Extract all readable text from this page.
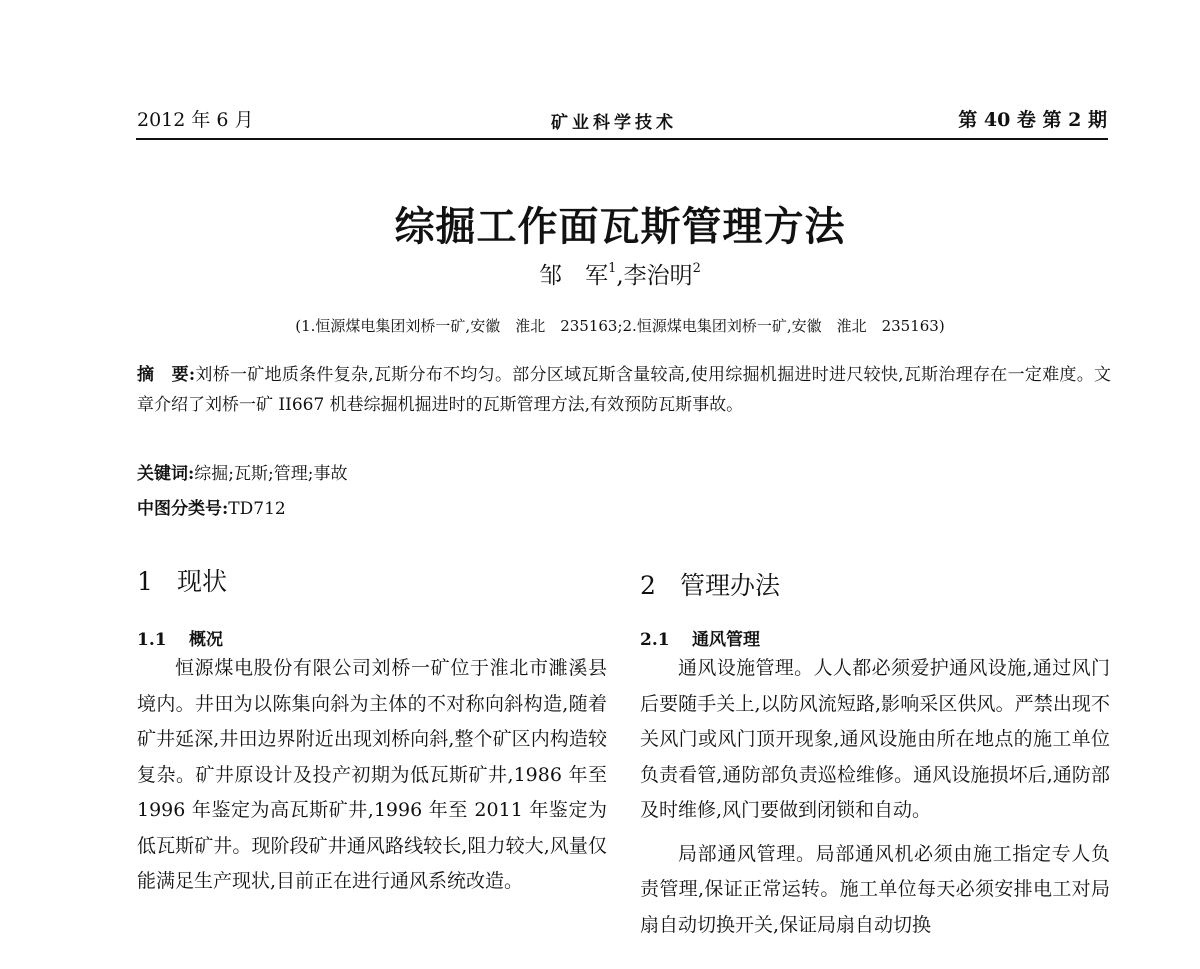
2012 年 6 月	矿业科学技术	第 40 卷 第 2 期
综掘工作面瓦斯管理方法
邹　军$^1$,李治明$^2$
(1.恒源煤电集团刘桥一矿,安徽　淮北　235163;2.恒源煤电集团刘桥一矿,安徽　淮北　235163)
摘　要:刘桥一矿地质条件复杂,瓦斯分布不均匀。部分区域瓦斯含量较高,使用综掘机掘进时进尺较快,瓦斯治理存在一定难度。文章介绍了刘桥一矿 II667 机巷综掘机掘进时的瓦斯管理方法,有效预防瓦斯事故。
关键词:综掘;瓦斯;管理;事故
中图分类号:TD712
1 现状
1.1 概况

恒源煤电股份有限公司刘桥一矿位于淮北市濉溪县境内。井田为以陈集向斜为主体的不对称向斜构造,随着矿井延深,井田边界附近出现刘桥向斜,整个矿区内构造较复杂。矿井原设计及投产初期为低瓦斯矿井,1986 年至 1996 年鉴定为高瓦斯矿井,1996 年至 2011 年鉴定为低瓦斯矿井。现阶段矿井通风路线较长,阻力较大,风量仅能满足生产现状,目前正在进行通风系统改造。

2 管理办法
2.1 通风管理

通风设施管理。人人都必须爱护通风设施,通过风门后要随手关上,以防风流短路,影响采区供风。严禁出现不关风门或风门顶开现象,通风设施由所在地点的施工单位负责看管,通防部负责巡检维修。通风设施损坏后,通防部及时维修,风门要做到闭锁和自动。

局部通风管理。局部通风机必须由施工指定专人负责管理,保证正常运转。施工单位每天必须安排电工对局扇自动切换开关,保证局扇自动切换
